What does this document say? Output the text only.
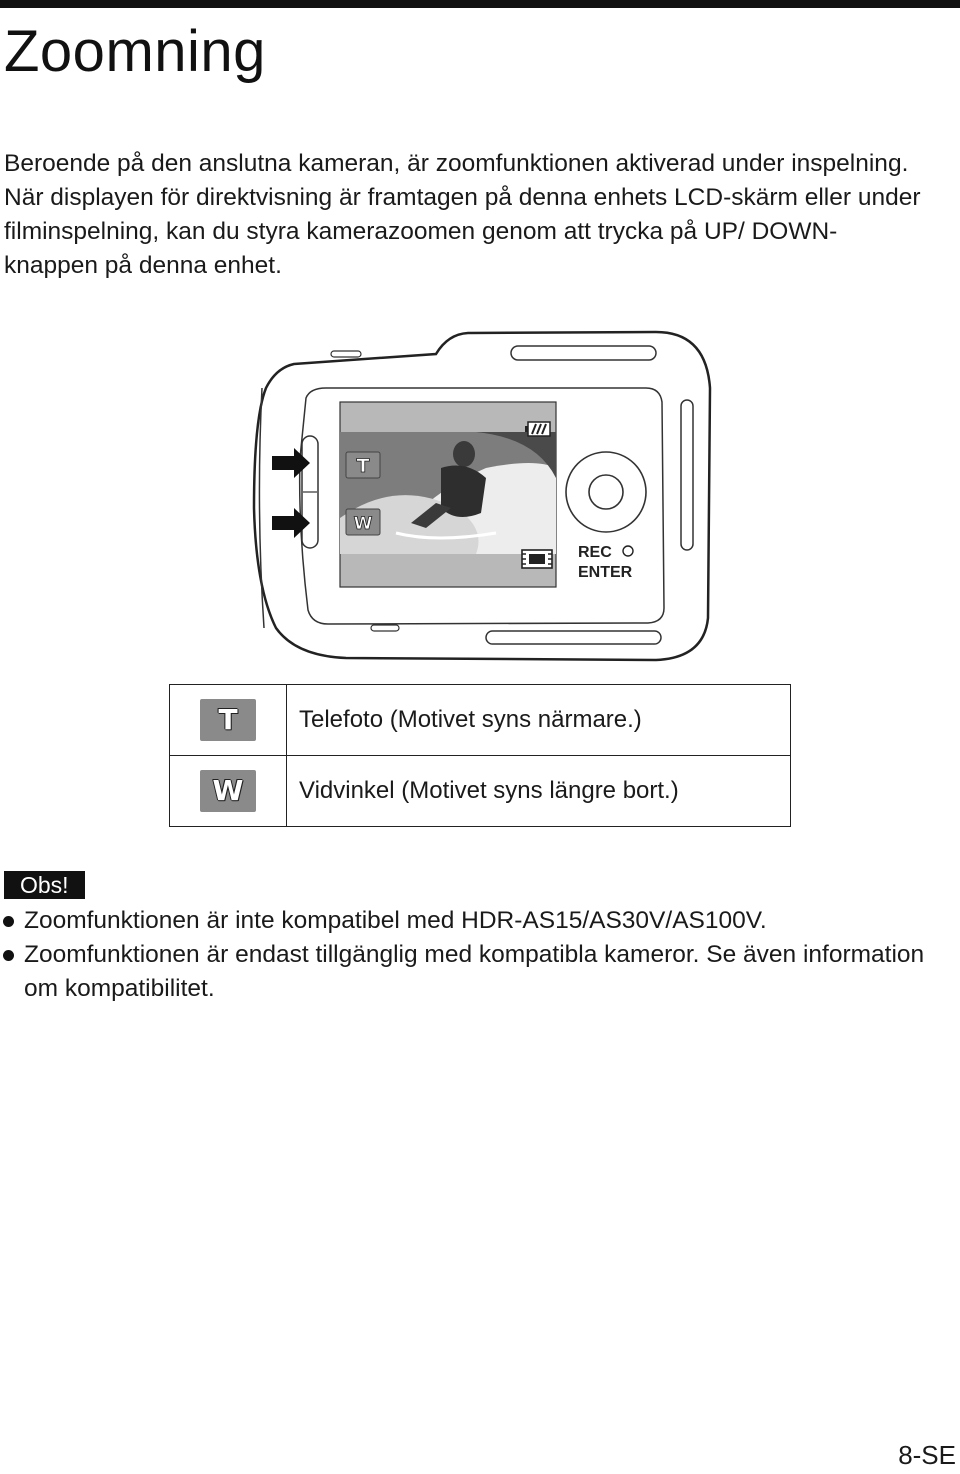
Zoomning

Beroende på den anslutna kameran, är zoomfunktionen aktiverad under inspelning.

När displayen för direktvisning är framtagen på denna enhets LCD-skärm eller under filminspelning, kan du styra kamerazoomen genom att trycka på UP/ DOWN-knappen på denna enhet.

T
W
REC
ENTER
T	Telefoto (Motivet syns närmare.)
W	Vidvinkel (Motivet syns längre bort.)
Obs!
Zoomfunktionen är inte kompatibel med HDR-AS15/AS30V/AS100V.
Zoomfunktionen är endast tillgänglig med kompatibla kameror. Se även information om kompatibilitet.
8-SE
